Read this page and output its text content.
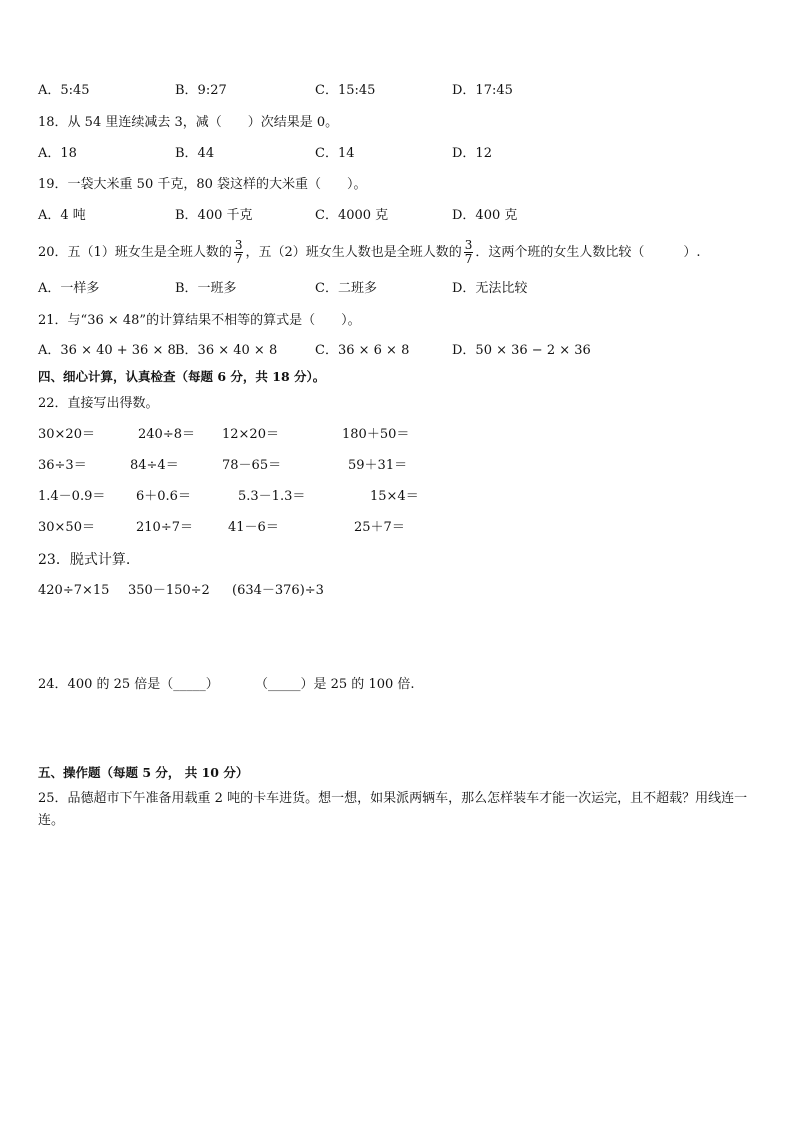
A．5:45	B．9:27	C．15:45	D．17:45
18．从 54 里连续减去 3，减（　　）次结果是 0。
A．18	B．44	C．14	D．12
19．一袋大米重 50 千克，80 袋这样的大米重（　　）。
A．4 吨	B．400 千克	C．4000 克	D．400 克
20．五（1）班女生是全班人数的 $\frac{3}{7}$ ，五（2）班女生人数也是全班人数的 $\frac{3}{7}$ ．这两个班的女生人数比较（　　　）.
A．一样多	B．一班多	C．二班多	D．无法比较
21．与“36 × 48”的计算结果不相等的算式是（　　）。
A．36 × 40 + 36 × 8 B．36 × 40 × 8	C．36 × 6 × 8	D．50 × 36 − 2 × 36
四、细心计算，认真检查（每题 6 分，共 18 分）。
22．直接写出得数。
30×20＝	240÷8＝ 12×20＝	180＋50＝
36÷3＝	84÷4＝	78－65＝	59＋31＝
1.4－0.9＝ 6＋0.6＝	5.3－1.3＝	15×4＝
30×50＝	210÷7＝	41－6＝	25＋7＝
23．脱式计算.
420÷7×15 350－150÷2 (634－376)÷3
24．400 的 25 倍是（_____）	（_____）是 25 的 100 倍.
五、操作题（每题 5 分， 共 10 分）
25．品德超市下午准备用载重 2 吨的卡车进货。想一想，如果派两辆车，那么怎样装车才能一次运完，且不超载？用线连一连。
